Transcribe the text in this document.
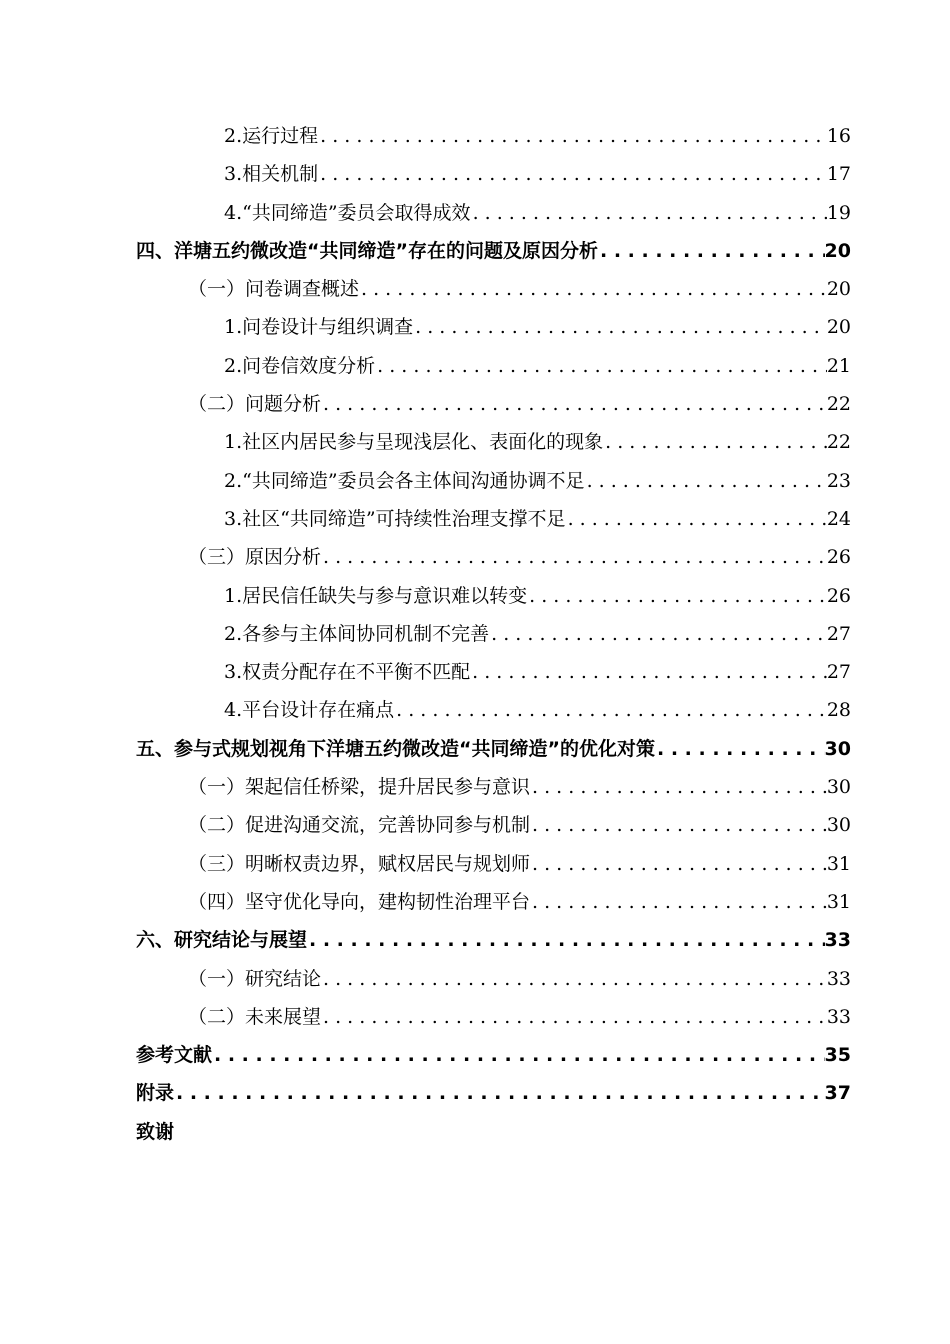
2.运行过程 . . .	16
3.相关机制 . . .	17
4.“共同缔造”委员会取得成效 . . .	19
四、洋塘五约微改造“共同缔造”存在的问题及原因分析 . . .	20
（一）问卷调查概述 . . .	20
1.问卷设计与组织调查 . . .	20
2.问卷信效度分析 . . .	21
（二）问题分析 . . .	22
1.社区内居民参与呈现浅层化、表面化的现象 . . .	22
2.“共同缔造”委员会各主体间沟通协调不足 . . .	23
3.社区“共同缔造”可持续性治理支撑不足 . . .	24
（三）原因分析 . . .	26
1.居民信任缺失与参与意识难以转变 . . .	26
2.各参与主体间协同机制不完善 . . .	27
3.权责分配存在不平衡不匹配 . . .	27
4.平台设计存在痛点 . . .	28
五、参与式规划视角下洋塘五约微改造“共同缔造”的优化对策 . . .	30
（一）架起信任桥梁，提升居民参与意识 . . .	30
（二）促进沟通交流，完善协同参与机制 . . .	30
（三）明晰权责边界，赋权居民与规划师 . . .	31
（四）坚守优化导向，建构韧性治理平台 . . .	31
六、研究结论与展望 . . .	33
（一）研究结论 . . .	33
（二）未来展望 . . .	33
参考文献 . . .	35
附录 . . .	37
致谢
